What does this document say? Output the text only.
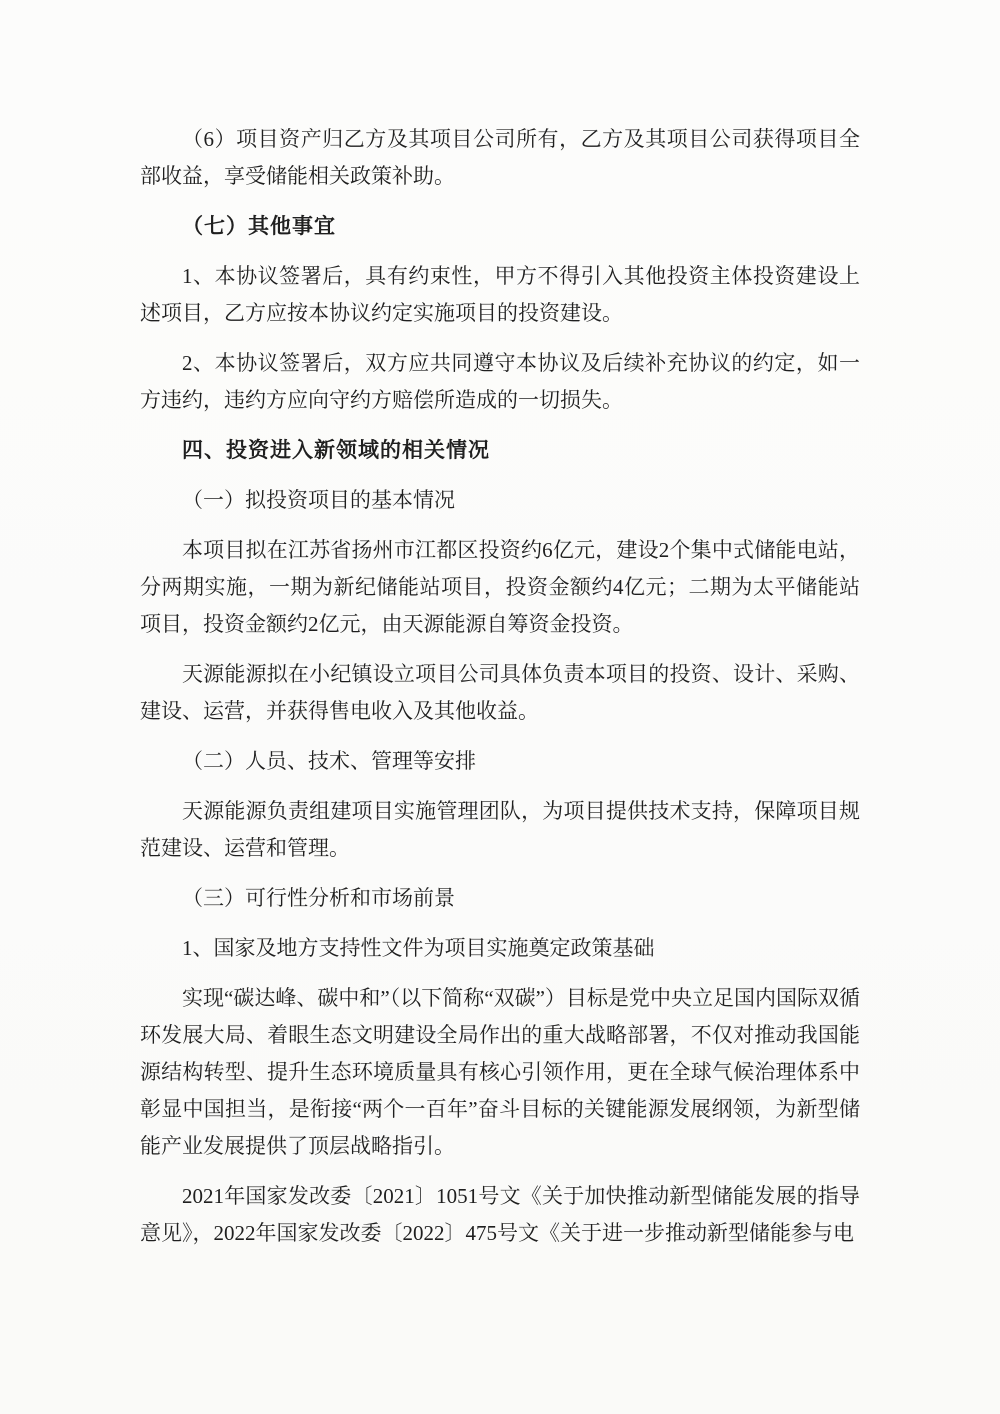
（6）项目资产归乙方及其项目公司所有，乙方及其项目公司获得项目全部收益，享受储能相关政策补助。

（七）其他事宜

1、本协议签署后，具有约束性，甲方不得引入其他投资主体投资建设上述项目，乙方应按本协议约定实施项目的投资建设。

2、本协议签署后，双方应共同遵守本协议及后续补充协议的约定，如一方违约，违约方应向守约方赔偿所造成的一切损失。

四、投资进入新领域的相关情况

（一）拟投资项目的基本情况

本项目拟在江苏省扬州市江都区投资约6亿元，建设2个集中式储能电站，分两期实施，一期为新纪储能站项目，投资金额约4亿元；二期为太平储能站项目，投资金额约2亿元，由天源能源自筹资金投资。

天源能源拟在小纪镇设立项目公司具体负责本项目的投资、设计、采购、建设、运营，并获得售电收入及其他收益。

（二）人员、技术、管理等安排

天源能源负责组建项目实施管理团队，为项目提供技术支持，保障项目规范建设、运营和管理。

（三）可行性分析和市场前景

1、国家及地方支持性文件为项目实施奠定政策基础

实现“碳达峰、碳中和”（以下简称“双碳”）目标是党中央立足国内国际双循环发展大局、着眼生态文明建设全局作出的重大战略部署，不仅对推动我国能源结构转型、提升生态环境质量具有核心引领作用，更在全球气候治理体系中彰显中国担当，是衔接“两个一百年”奋斗目标的关键能源发展纲领，为新型储能产业发展提供了顶层战略指引。

2021年国家发改委〔2021〕1051号文《关于加快推动新型储能发展的指导意见》，2022年国家发改委〔2022〕475号文《关于进一步推动新型储能参与电
